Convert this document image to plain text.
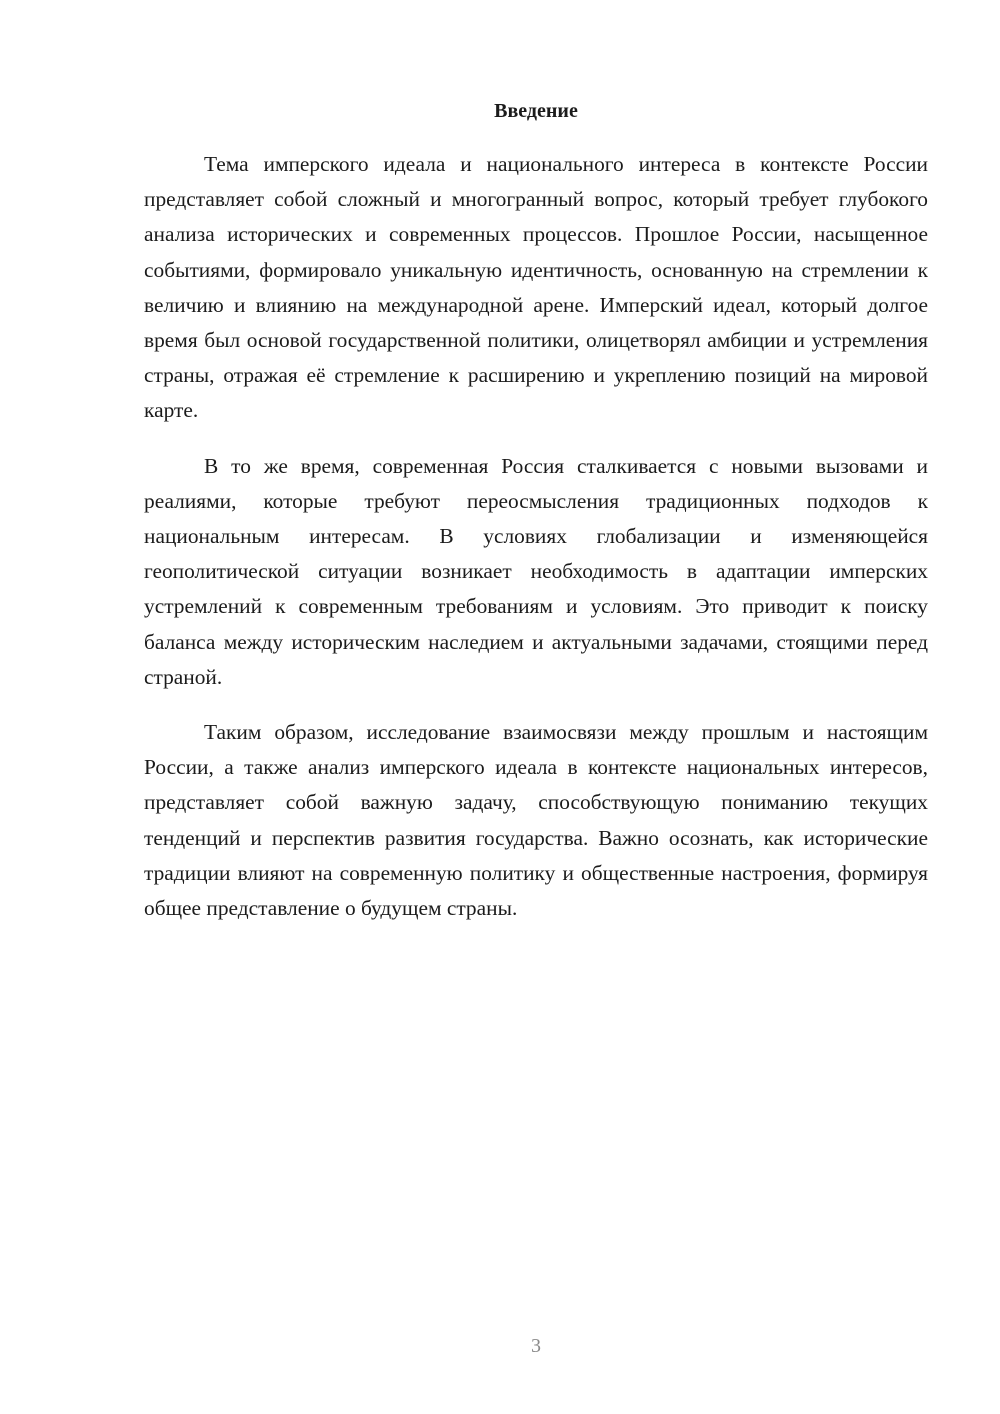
Введение

Тема имперского идеала и национального интереса в контексте России представляет собой сложный и многогранный вопрос, который требует глубокого анализа исторических и современных процессов. Прошлое России, насыщенное событиями, формировало уникальную идентичность, основанную на стремлении к величию и влиянию на международной арене. Имперский идеал, который долгое время был основой государственной политики, олицетворял амбиции и устремления страны, отражая её стремление к расширению и укреплению позиций на мировой карте.

В то же время, современная Россия сталкивается с новыми вызовами и реалиями, которые требуют переосмысления традиционных подходов к национальным интересам. В условиях глобализации и изменяющейся геополитической ситуации возникает необходимость в адаптации имперских устремлений к современным требованиям и условиям. Это приводит к поиску баланса между историческим наследием и актуальными задачами, стоящими перед страной.

Таким образом, исследование взаимосвязи между прошлым и настоящим России, а также анализ имперского идеала в контексте национальных интересов, представляет собой важную задачу, способствующую пониманию текущих тенденций и перспектив развития государства. Важно осознать, как исторические традиции влияют на современную политику и общественные настроения, формируя общее представление о будущем страны.

3
